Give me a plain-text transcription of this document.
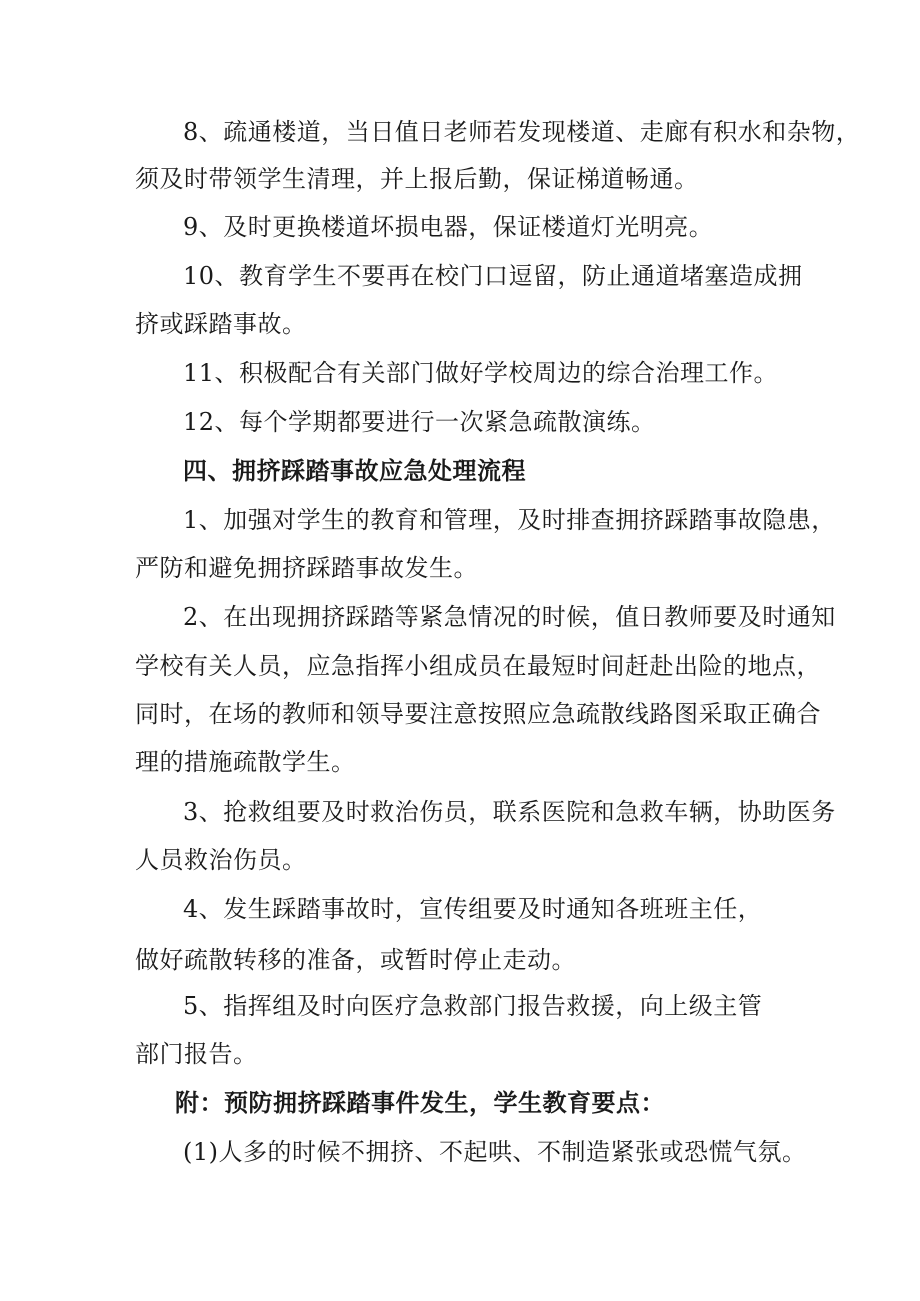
8、疏通楼道，当日值日老师若发现楼道、走廊有积水和杂物，
须及时带领学生清理，并上报后勤，保证梯道畅通。
9、及时更换楼道坏损电器，保证楼道灯光明亮。
10、教育学生不要再在校门口逗留，防止通道堵塞造成拥
挤或踩踏事故。
11、积极配合有关部门做好学校周边的综合治理工作。
12、每个学期都要进行一次紧急疏散演练。
四、拥挤踩踏事故应急处理流程
1、加强对学生的教育和管理，及时排查拥挤踩踏事故隐患，
严防和避免拥挤踩踏事故发生。
2、在出现拥挤踩踏等紧急情况的时候，值日教师要及时通知
学校有关人员，应急指挥小组成员在最短时间赶赴出险的地点，
同时，在场的教师和领导要注意按照应急疏散线路图采取正确合
理的措施疏散学生。
3、抢救组要及时救治伤员，联系医院和急救车辆，协助医务
人员救治伤员。
4、发生踩踏事故时，宣传组要及时通知各班班主任，
做好疏散转移的准备，或暂时停止走动。
5、指挥组及时向医疗急救部门报告救援，向上级主管
部门报告。
附：预防拥挤踩踏事件发生，学生教育要点：
(1)人多的时候不拥挤、不起哄、不制造紧张或恐慌气氛。
